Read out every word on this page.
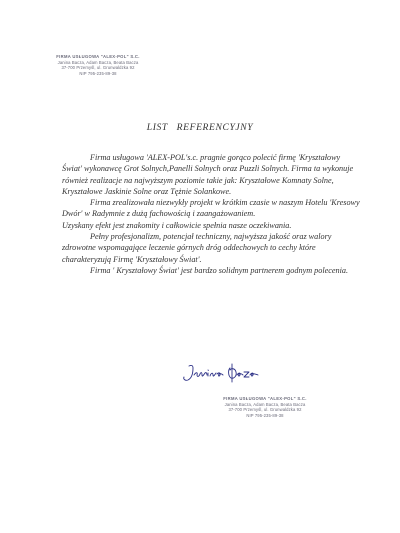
FIRMA USŁUGOWA "ALEX-POL" S.C.
Janina Bacza, Adam Bacza, Beata Bacza
37-700 Przemyśl, ul. Grunwaldzka 92
NIP 795-235-89-38
LIST REFERENCYJNY

Firma usługowa 'ALEX-POL's.c. pragnie gorąco polecić firmę 'Kryształowy Świat' wykonawcę Grot Solnych,Panelli Solnych oraz Puzzli Solnych. Firma ta wykonuje również realizacje na najwyższym poziomie takie jak: Kryształowe Komnaty Solne, Kryształowe Jaskinie Solne oraz Tężnie Solankowe.

Firma zrealizowała niezwykły projekt w krótkim czasie w naszym Hotelu 'Kresowy Dwór' w Radymnie z dużą fachowością i zaangażowaniem.

Uzyskany efekt jest znakomity i całkowicie spełnia nasze oczekiwania.

Pełny profesjonalizm, potencjał techniczny, najwyższa jakość oraz walory zdrowotne wspomagające leczenie górnych dróg oddechowych to cechy które charakteryzują Firmę 'Kryształowy Świat'.

Firma ' Kryształowy Świat' jest bardzo solidnym partnerem godnym polecenia.

FIRMA USŁUGOWA "ALEX-POL" S.C.
Janina Bacza, Adam Bacza, Beata Bacza
37-700 Przemyśl, ul. Grunwaldzka 92
NIP 795-235-89-38
